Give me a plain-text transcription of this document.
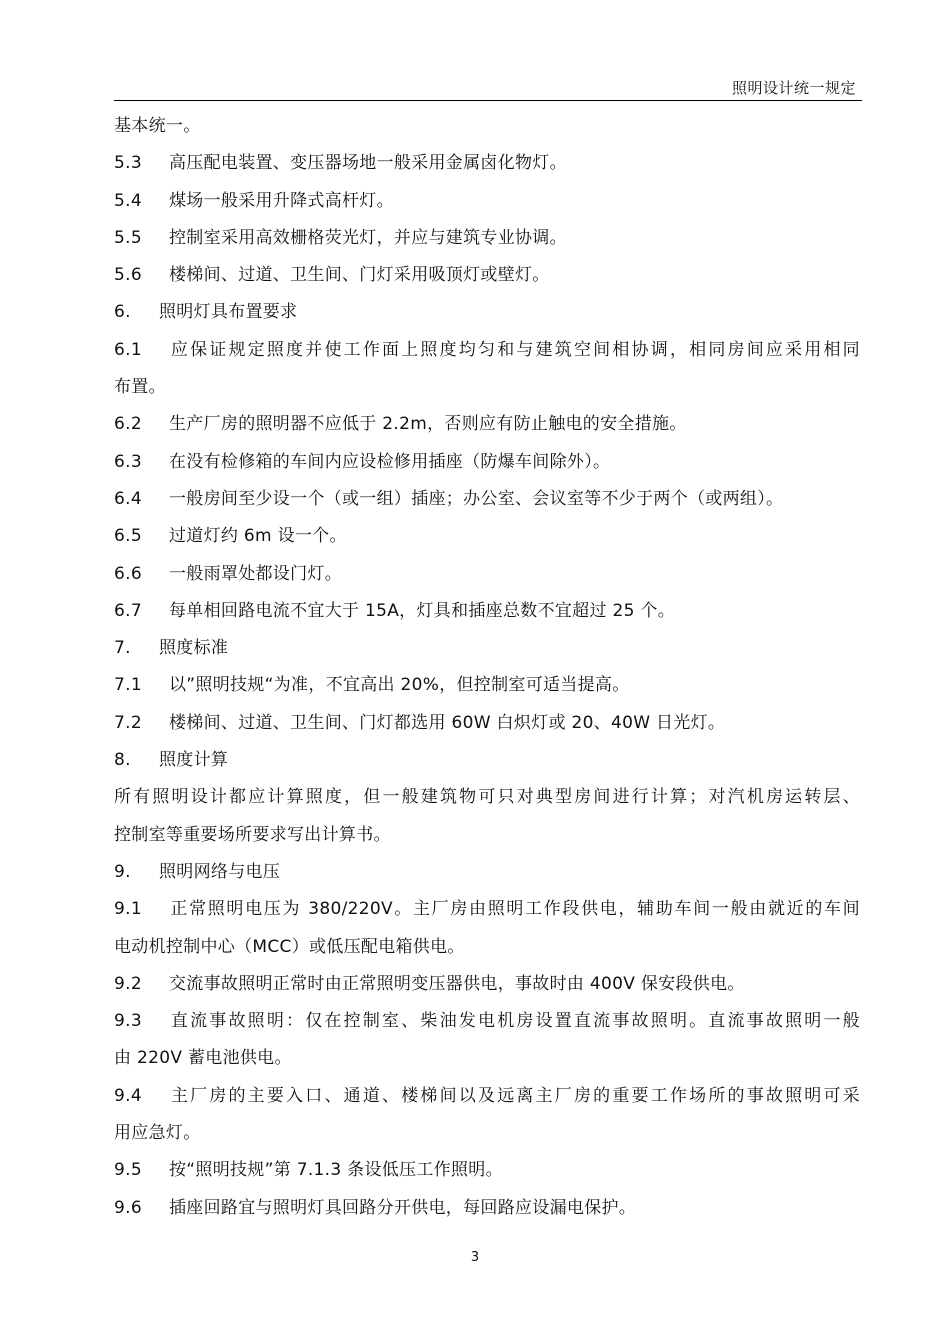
照明设计统一规定
基本统一。
5.3 高压配电装置、变压器场地一般采用金属卤化物灯。
5.4 煤场一般采用升降式高杆灯。
5.5 控制室采用高效栅格荧光灯，并应与建筑专业协调。
5.6 楼梯间、过道、卫生间、门灯采用吸顶灯或壁灯。
6. 照明灯具布置要求
6.1 应保证规定照度并使工作面上照度均匀和与建筑空间相协调，相同房间应采用相同
布置。
6.2 生产厂房的照明器不应低于 2.2m，否则应有防止触电的安全措施。
6.3 在没有检修箱的车间内应设检修用插座（防爆车间除外）。
6.4 一般房间至少设一个（或一组）插座；办公室、会议室等不少于两个（或两组）。
6.5 过道灯约 6m 设一个。
6.6 一般雨罩处都设门灯。
6.7 每单相回路电流不宜大于 15A，灯具和插座总数不宜超过 25 个。
7. 照度标准
7.1 以”照明技规“为准，不宜高出 20%，但控制室可适当提高。
7.2 楼梯间、过道、卫生间、门灯都选用 60W 白炽灯或 20、40W 日光灯。
8. 照度计算
所有照明设计都应计算照度，但一般建筑物可只对典型房间进行计算；对汽机房运转层、
控制室等重要场所要求写出计算书。
9. 照明网络与电压
9.1 正常照明电压为 380/220V。主厂房由照明工作段供电，辅助车间一般由就近的车间
电动机控制中心（MCC）或低压配电箱供电。
9.2 交流事故照明正常时由正常照明变压器供电，事故时由 400V 保安段供电。
9.3 直流事故照明：仅在控制室、柴油发电机房设置直流事故照明。直流事故照明一般
由 220V 蓄电池供电。
9.4 主厂房的主要入口、通道、楼梯间以及远离主厂房的重要工作场所的事故照明可采
用应急灯。
9.5 按“照明技规”第 7.1.3 条设低压工作照明。
9.6 插座回路宜与照明灯具回路分开供电，每回路应设漏电保护。
3
